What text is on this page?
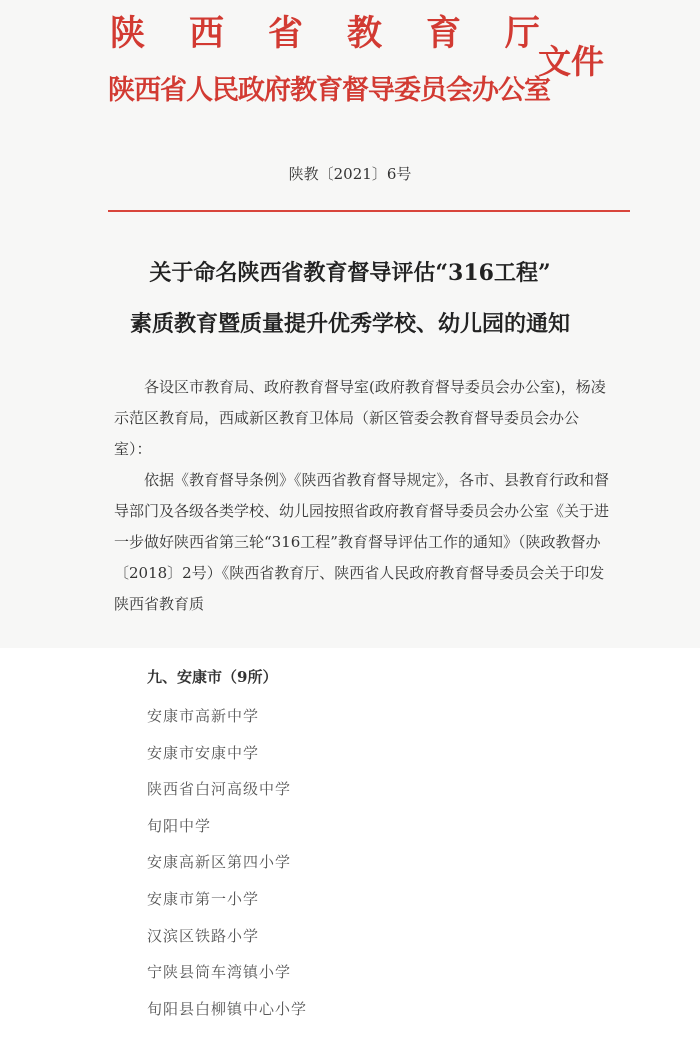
陕 西 省 教 育 厅
陕西省人民政府教育督导委员会办公室
文件
陕教〔2021〕6号
关于命名陕西省教育督导评估“316工程”
素质教育暨质量提升优秀学校、幼儿园的通知
各设区市教育局、政府教育督导室(政府教育督导委员会办公室)，杨凌示范区教育局，西咸新区教育卫体局（新区管委会教育督导委员会办公室）：
依据《教育督导条例》《陕西省教育督导规定》，各市、县教育行政和督导部门及各级各类学校、幼儿园按照省政府教育督导委员会办公室《关于进一步做好陕西省第三轮“316工程”教育督导评估工作的通知》（陕政教督办〔2018〕2号）《陕西省教育厅、陕西省人民政府教育督导委员会关于印发陕西省教育质
九、安康市（9所）
安康市高新中学
安康市安康中学
陕西省白河高级中学
旬阳中学
安康高新区第四小学
安康市第一小学
汉滨区铁路小学
宁陕县筒车湾镇小学
旬阳县白柳镇中心小学
